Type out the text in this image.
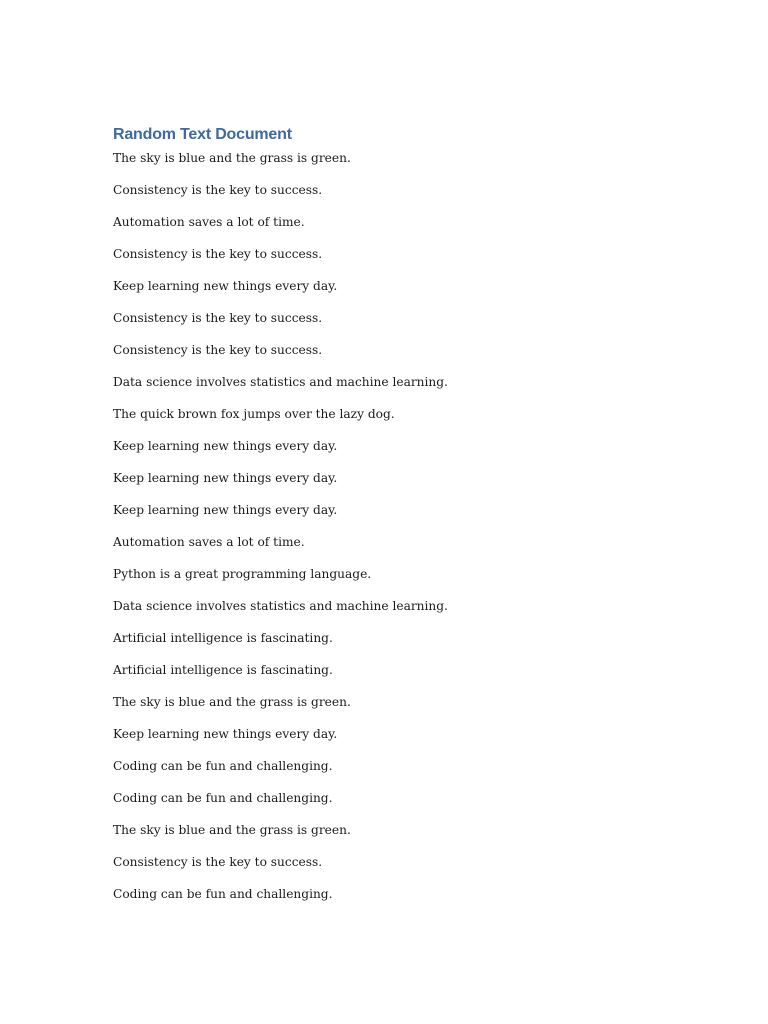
Random Text Document

The sky is blue and the grass is green.

Consistency is the key to success.

Automation saves a lot of time.

Consistency is the key to success.

Keep learning new things every day.

Consistency is the key to success.

Consistency is the key to success.

Data science involves statistics and machine learning.

The quick brown fox jumps over the lazy dog.

Keep learning new things every day.

Keep learning new things every day.

Keep learning new things every day.

Automation saves a lot of time.

Python is a great programming language.

Data science involves statistics and machine learning.

Artificial intelligence is fascinating.

Artificial intelligence is fascinating.

The sky is blue and the grass is green.

Keep learning new things every day.

Coding can be fun and challenging.

Coding can be fun and challenging.

The sky is blue and the grass is green.

Consistency is the key to success.

Coding can be fun and challenging.
